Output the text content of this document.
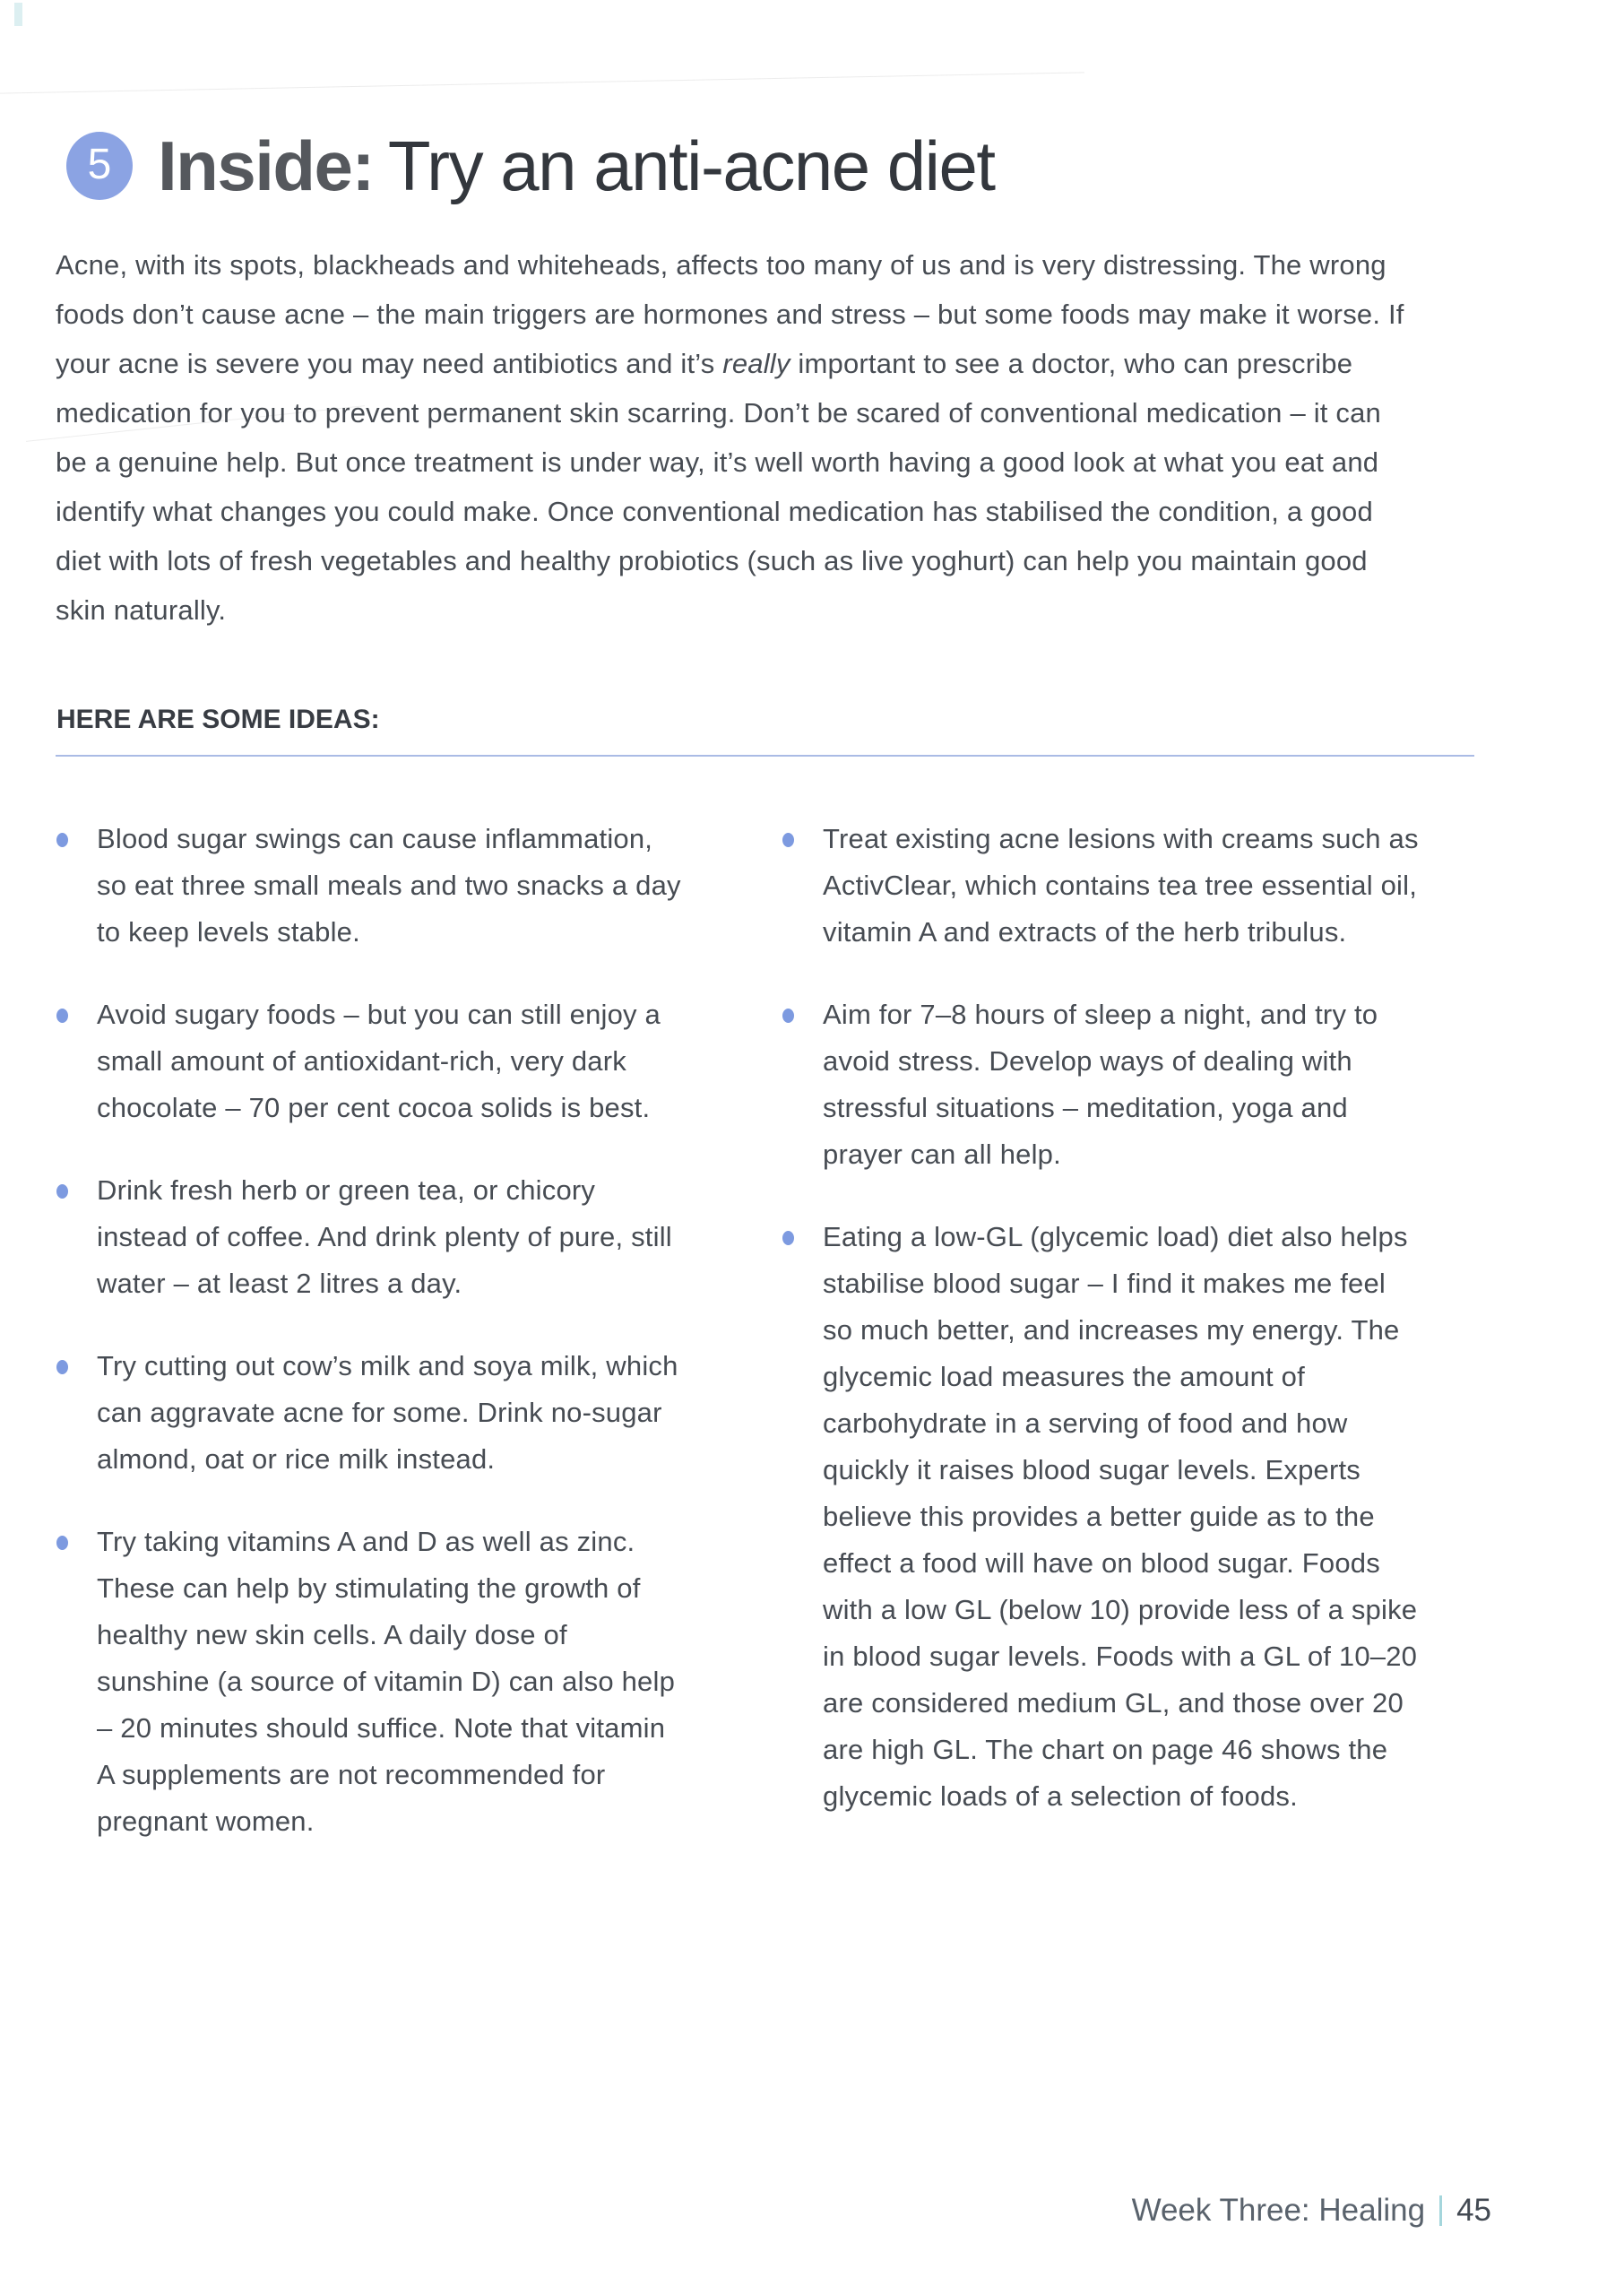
5 Inside: Try an anti-acne diet

Acne, with its spots, blackheads and whiteheads, affects too many of us and is very distressing. The wrong foods don’t cause acne – the main triggers are hormones and stress – but some foods may make it worse. If your acne is severe you may need antibiotics and it’s really important to see a doctor, who can prescribe medication for you to prevent permanent skin scarring. Don’t be scared of conventional medication – it can be a genuine help. But once treatment is under way, it’s well worth having a good look at what you eat and identify what changes you could make. Once conventional medication has stabilised the condition, a good diet with lots of fresh vegetables and healthy probiotics (such as live yoghurt) can help you maintain good skin naturally.

HERE ARE SOME IDEAS:
Blood sugar swings can cause inflammation, so eat three small meals and two snacks a day to keep levels stable.
Avoid sugary foods – but you can still enjoy a small amount of antioxidant-rich, very dark chocolate – 70 per cent cocoa solids is best.
Drink fresh herb or green tea, or chicory instead of coffee. And drink plenty of pure, still water – at least 2 litres a day.
Try cutting out cow’s milk and soya milk, which can aggravate acne for some. Drink no-sugar almond, oat or rice milk instead.
Try taking vitamins A and D as well as zinc. These can help by stimulating the growth of healthy new skin cells. A daily dose of sunshine (a source of vitamin D) can also help – 20 minutes should suffice. Note that vitamin A supplements are not recommended for pregnant women.
Treat existing acne lesions with creams such as ActivClear, which contains tea tree essential oil, vitamin A and extracts of the herb tribulus.
Aim for 7–8 hours of sleep a night, and try to avoid stress. Develop ways of dealing with stressful situations – meditation, yoga and prayer can all help.
Eating a low-GL (glycemic load) diet also helps stabilise blood sugar – I find it makes me feel so much better, and increases my energy. The glycemic load measures the amount of carbohydrate in a serving of food and how quickly it raises blood sugar levels. Experts believe this provides a better guide as to the effect a food will have on blood sugar. Foods with a low GL (below 10) provide less of a spike in blood sugar levels. Foods with a GL of 10–20 are considered medium GL, and those over 20 are high GL. The chart on page 46 shows the glycemic loads of a selection of foods.
Week Three: Healing 45
